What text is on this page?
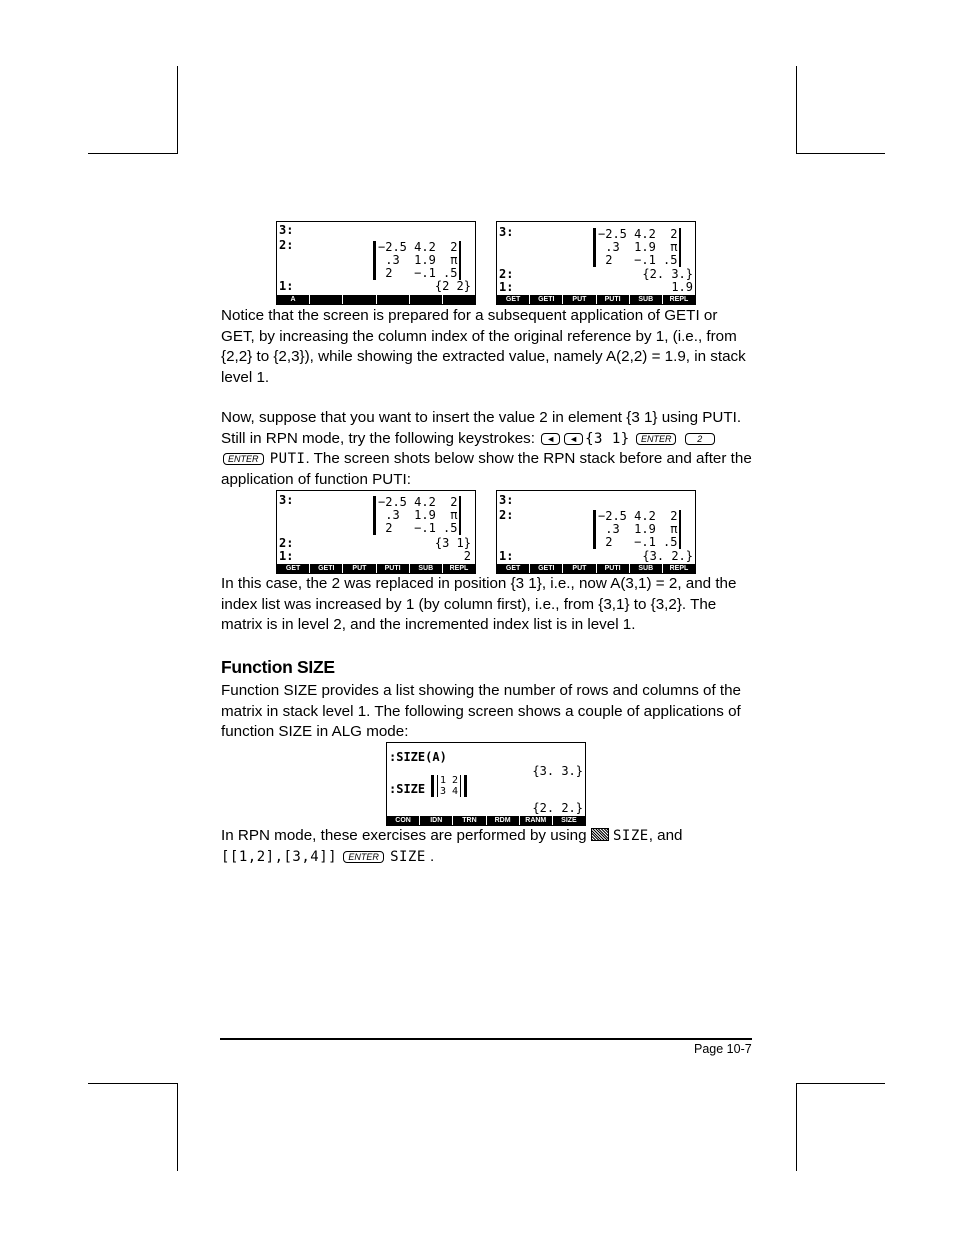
3:
2:	−2.5 4.2  2
.3  1.9  π
2   −.1 .5
1:	{2 2}
A
3:	−2.5 4.2  2
.3  1.9  π
2   −.1 .5
{2. 3.}
2:
1:	1.9
GET	GETI	PUT	PUTI	SUB	REPL

Notice that the screen is prepared for a subsequent application of GETI or GET, by increasing the column index of the original reference by 1, (i.e., from {2,2} to {2,3}), while showing the extracted value, namely A(2,2) = 1.9, in stack level 1.

Now, suppose that you want to insert the value 2 in element {3 1} using PUTI. Still in RPN mode, try the following keystrokes: ◄ ◄ {3 1} ENTER	2 ENTER PUTI. The screen shots below show the RPN stack before and after the application of function PUTI:

3:	−2.5 4.2  2
.3  1.9  π
2   −.1 .5
{3 1}
2:
1:	2
GET	GETI	PUT	PUTI	SUB	REPL
3:
2:	−2.5 4.2  2
.3  1.9  π
2   −.1 .5
1:	{3. 2.}
GET	GETI	PUT	PUTI	SUB	REPL

In this case, the 2 was replaced in position {3 1}, i.e., now A(3,1) = 2, and the index list was increased by 1 (by column first), i.e., from {3,1} to {3,2}. The matrix is in level 2, and the incremented index list is in level 1.

Function SIZE

Function SIZE provides a list showing the number of rows and columns of the matrix in stack level 1. The following screen shows a couple of applications of function SIZE in ALG mode:

:SIZE(A)
{3. 3.}
:SIZE
1 2
3 4
{2. 2.}
CON	IDN	TRN	RDM	RANM	SIZE

In RPN mode, these exercises are performed by using  SIZE, and
[[1,2],[3,4]] ENTER SIZE .

Page 10-7
